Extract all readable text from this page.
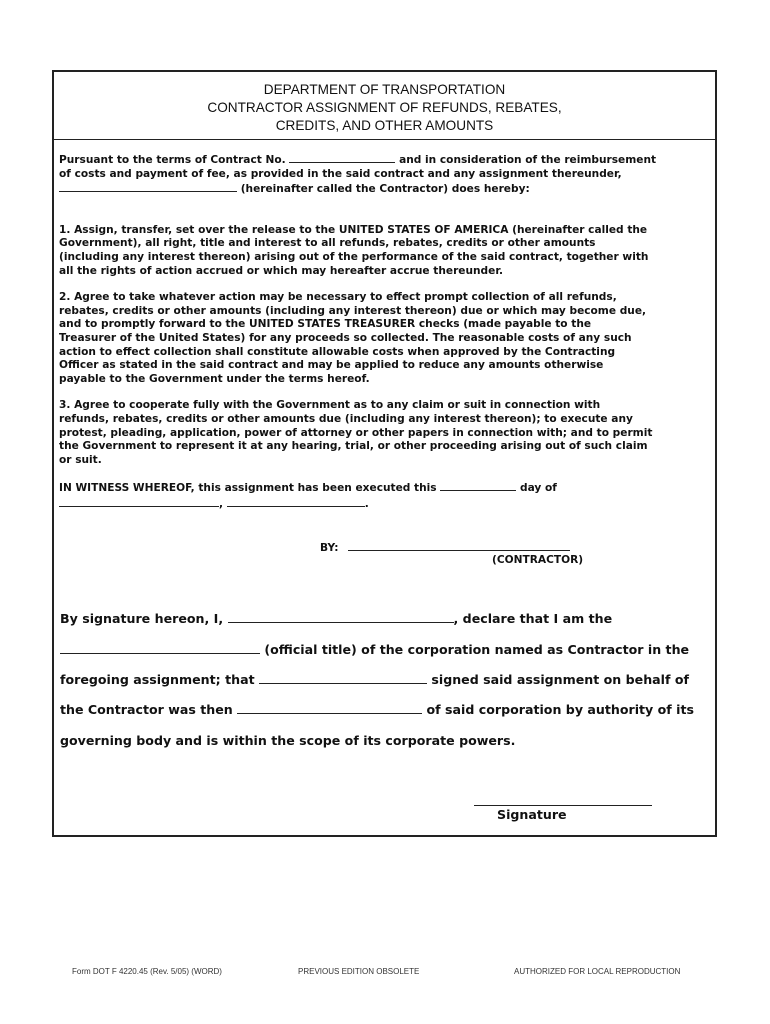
DEPARTMENT OF TRANSPORTATION
CONTRACTOR ASSIGNMENT OF REFUNDS, REBATES,
CREDITS, AND OTHER AMOUNTS

Pursuant to the terms of Contract No.	and in consideration of the reimbursement
of costs and payment of fee, as provided in the said contract and any assignment thereunder,
(hereinafter called the Contractor) does hereby:

1. Assign, transfer, set over the release to the UNITED STATES OF AMERICA (hereinafter called the
Government), all right, title and interest to all refunds, rebates, credits or other amounts
(including any interest thereon) arising out of the performance of the said contract, together with
all the rights of action accrued or which may hereafter accrue thereunder.

2. Agree to take whatever action may be necessary to effect prompt collection of all refunds,
rebates, credits or other amounts (including any interest thereon) due or which may become due,
and to promptly forward to the UNITED STATES TREASURER checks (made payable to the
Treasurer of the United States) for any proceeds so collected. The reasonable costs of any such
action to effect collection shall constitute allowable costs when approved by the Contracting
Officer as stated in the said contract and may be applied to reduce any amounts otherwise
payable to the Government under the terms hereof.

3. Agree to cooperate fully with the Government as to any claim or suit in connection with
refunds, rebates, credits or other amounts due (including any interest thereon); to execute any
protest, pleading, application, power of attorney or other papers in connection with; and to permit
the Government to represent it at any hearing, trial, or other proceeding arising out of such claim
or suit.

IN WITNESS WHEREOF, this assignment has been executed this	day of
,	.

BY:
(CONTRACTOR)
By signature hereon, I,	, declare that I am the
(official title) of the corporation named as Contractor in the
foregoing assignment; that	signed said assignment on behalf of
the Contractor was then	of said corporation by authority of its
governing body and is within the scope of its corporate powers.
Signature
Form DOT F 4220.45 (Rev. 5/05) (WORD)	PREVIOUS EDITION OBSOLETE	AUTHORIZED FOR LOCAL REPRODUCTION
